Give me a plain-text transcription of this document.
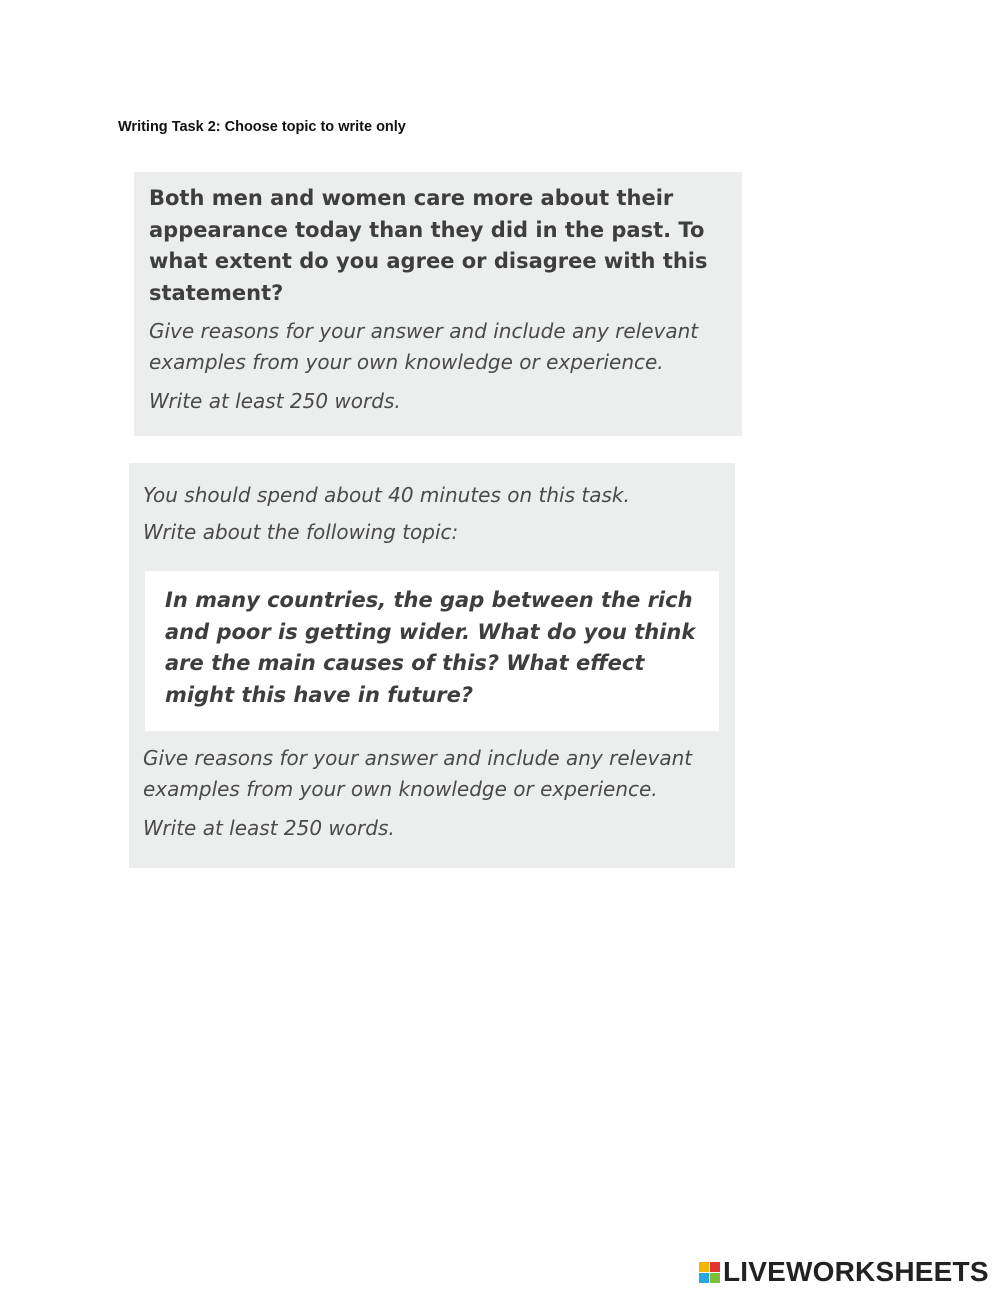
Writing Task 2: Choose topic to write only

Both men and women care more about their appearance today than they did in the past. To what extent do you agree or disagree with this statement?

Give reasons for your answer and include any relevant examples from your own knowledge or experience.

Write at least 250 words.

You should spend about 40 minutes on this task.

Write about the following topic:

In many countries, the gap between the rich and poor is getting wider. What do you think are the main causes of this? What effect might this have in future?

Give reasons for your answer and include any relevant examples from your own knowledge or experience.

Write at least 250 words.

LIVEWORKSHEETS
